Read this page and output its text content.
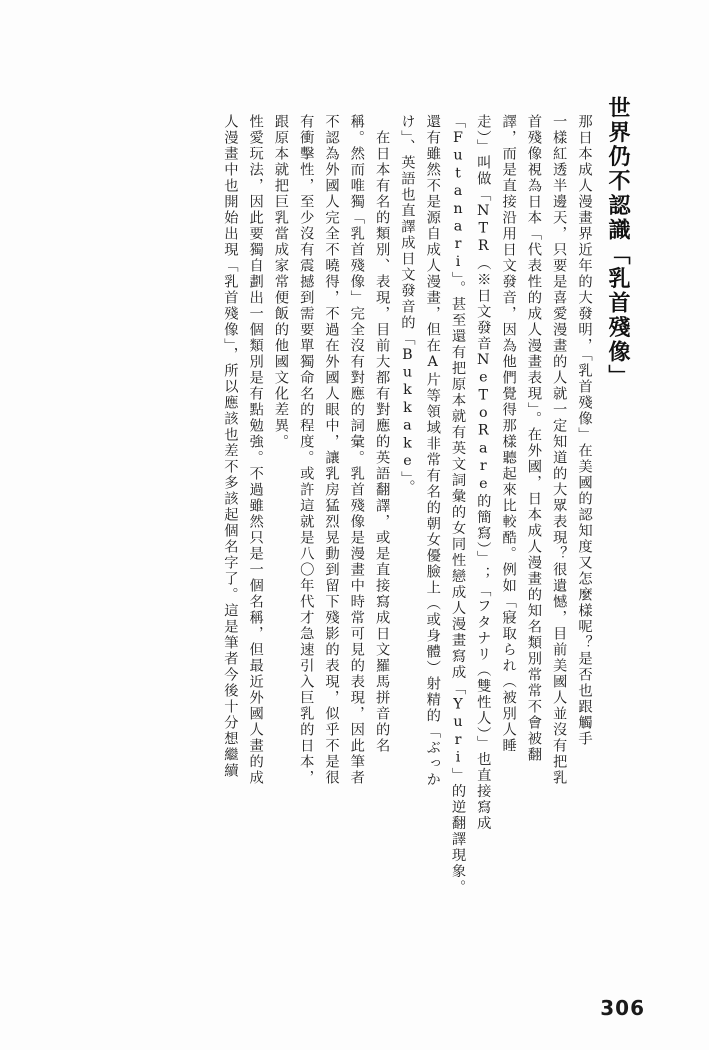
世界仍不認識「乳首殘像」
那日本成人漫畫界近年的大發明，「乳首殘像」在美國的認知度又怎麼樣呢？是否也跟觸手
一樣紅透半邊天，只要是喜愛漫畫的人就一定知道的大眾表現？很遺憾，目前美國人並沒有把乳
首殘像視為日本「代表性的成人漫畫表現」。在外國，日本成人漫畫的知名類別常常不會被翻
譯，而是直接沿用日文發音，因為他們覺得那樣聽起來比較酷。例如「寢取られ（被別人睡
走）」叫做「NTR（※日文發音NeToRare的簡寫）」；「フタナリ（雙性人）」也直接寫成
「Futanari」。甚至還有把原本就有英文詞彙的女同性戀成人漫畫寫成「Yuri」的逆翻譯現象。
還有雖然不是源自成人漫畫，但在A片等領域非常有名的朝女優臉上（或身體）射精的「ぶっか
け」、英語也直譯成日文發音的「Bukkake」。
　在日本有名的類別、表現，目前大都有對應的英語翻譯，或是直接寫成日文羅馬拼音的名
稱。然而唯獨「乳首殘像」完全沒有對應的詞彙。乳首殘像是漫畫中時常可見的表現，因此筆者
不認為外國人完全不曉得，不過在外國人眼中，讓乳房猛烈晃動到留下殘影的表現，似乎不是很
有衝擊性，至少沒有震撼到需要單獨命名的程度。或許這就是八〇年代才急速引入巨乳的日本，
跟原本就把巨乳當成家常便飯的他國文化差異。
性愛玩法，因此要獨自劃出一個類別是有點勉強。不過雖然只是一個名稱，但最近外國人畫的成
人漫畫中也開始出現「乳首殘像」，所以應該也差不多該起個名字了。這是筆者今後十分想繼續
306
